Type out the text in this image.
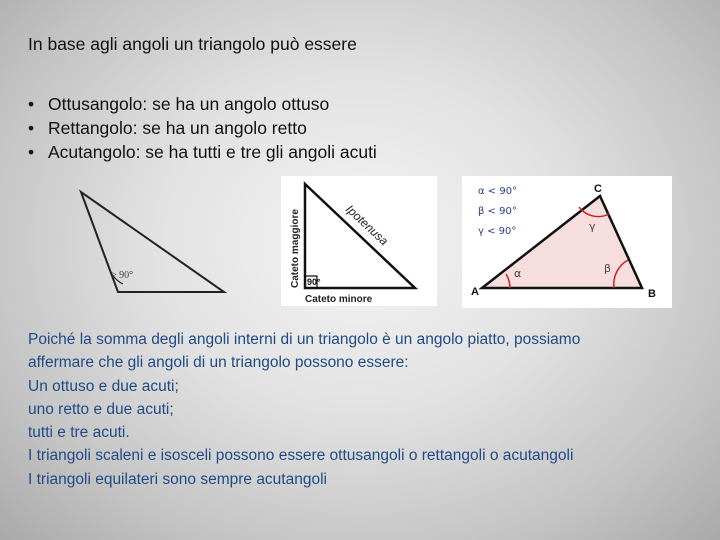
In base agli angoli un triangolo può essere
• Ottusangolo: se ha un angolo ottuso
• Rettangolo: se ha un angolo retto
• Acutangolo: se ha tutti e tre gli angoli acuti
> 90°
90°
Cateto maggiore
Cateto minore
Ipotenusa
α	β
γ
A	B
C
α < 90°
β < 90°
γ < 90°
Poiché la somma degli angoli interni di un triangolo è un angolo piatto, possiamo
affermare che gli angoli di un triangolo possono essere:
Un ottuso e due acuti;
uno retto e due acuti;
tutti e tre acuti.
I triangoli scaleni e isosceli possono essere ottusangoli o rettangoli o acutangoli
I triangoli equilateri sono sempre acutangoli
